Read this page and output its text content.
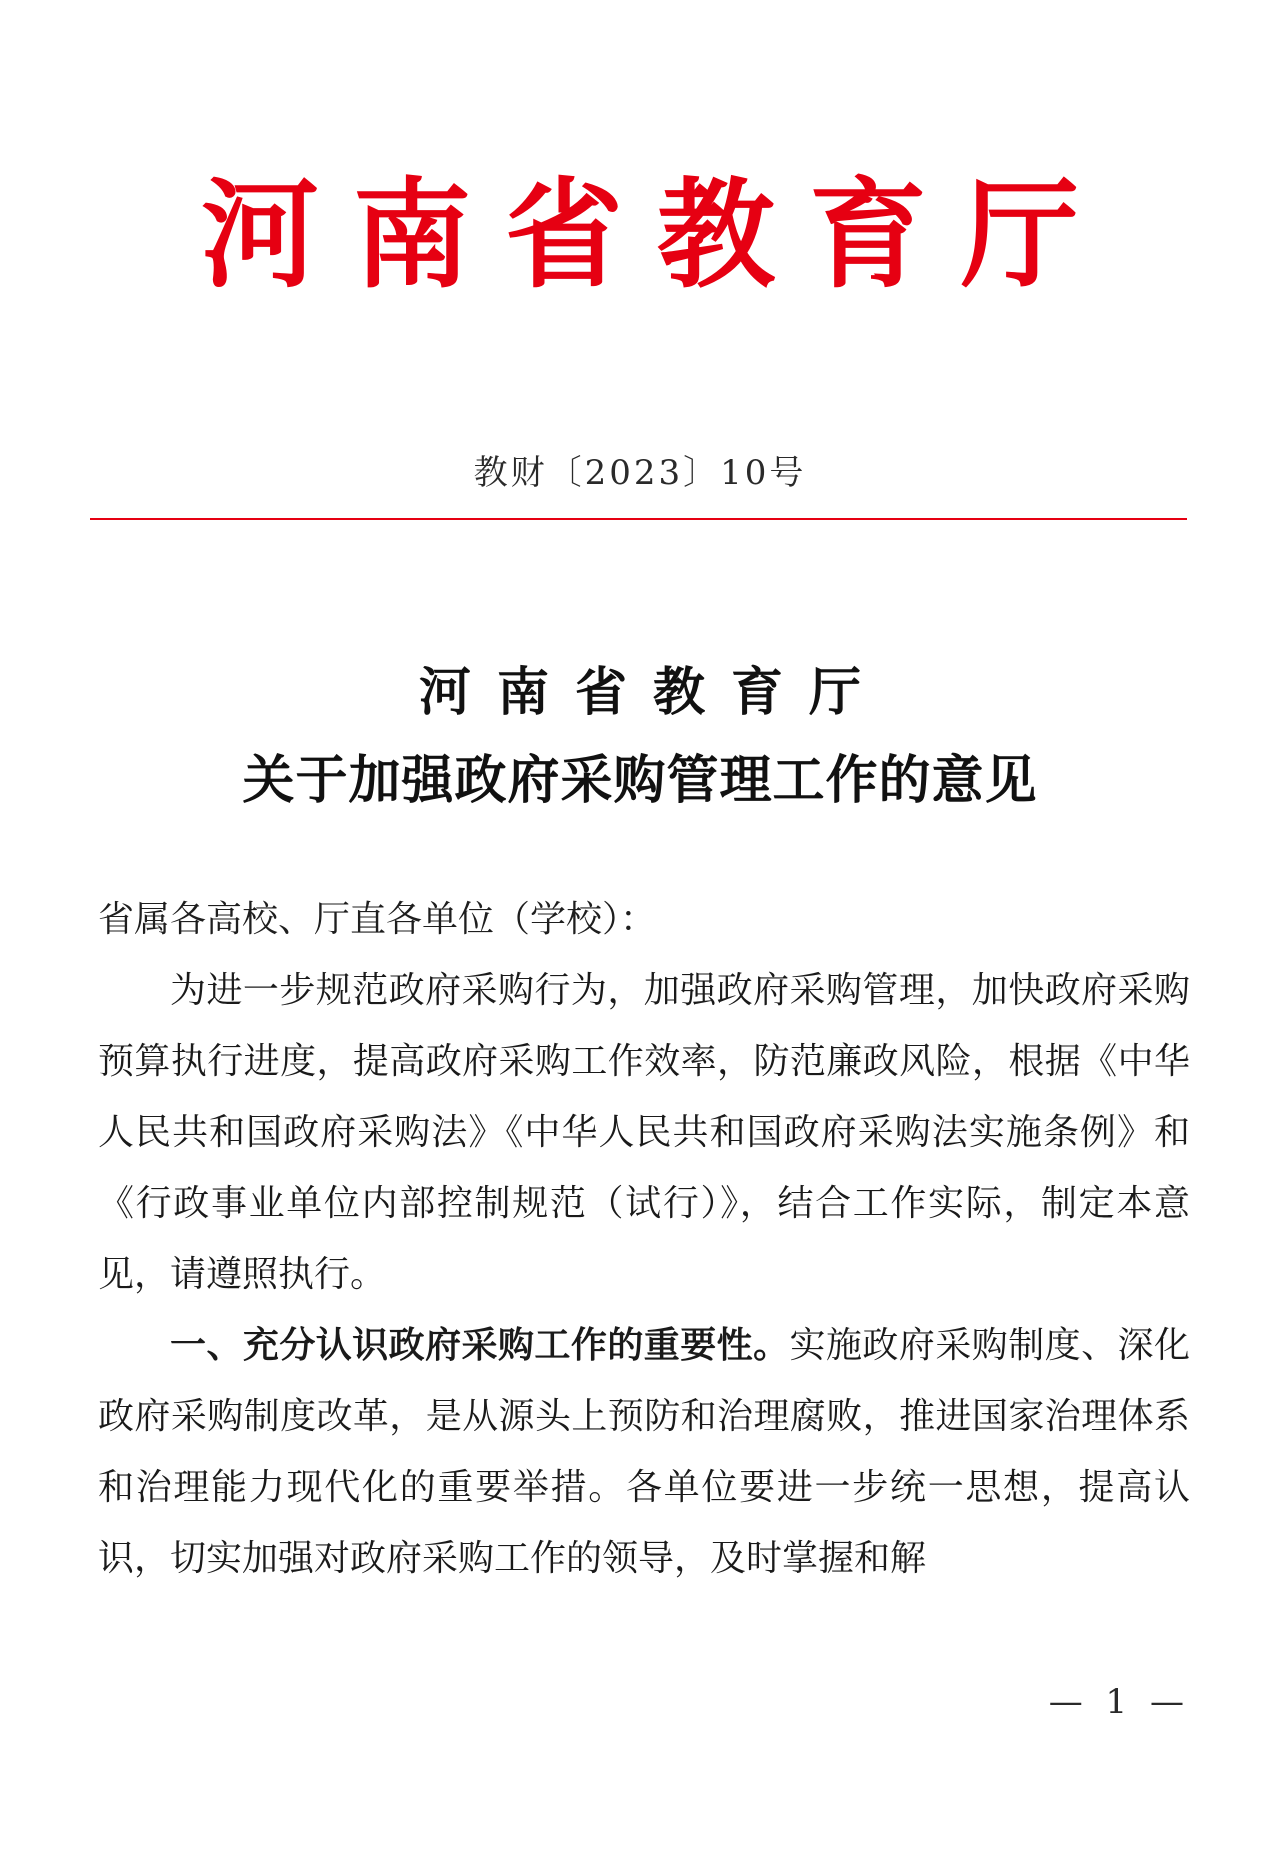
河南省教育厅
教财〔2023〕10号
河南省教育厅
关于加强政府采购管理工作的意见
省属各高校、厅直各单位（学校）：

为进一步规范政府采购行为，加强政府采购管理，加快政府采购预算执行进度，提高政府采购工作效率，防范廉政风险，根据《中华人民共和国政府采购法》《中华人民共和国政府采购法实施条例》和《行政事业单位内部控制规范（试行）》，结合工作实际，制定本意见，请遵照执行。

一、充分认识政府采购工作的重要性。实施政府采购制度、深化政府采购制度改革，是从源头上预防和治理腐败，推进国家治理体系和治理能力现代化的重要举措。各单位要进一步统一思想，提高认识，切实加强对政府采购工作的领导，及时掌握和解

— 1 —
